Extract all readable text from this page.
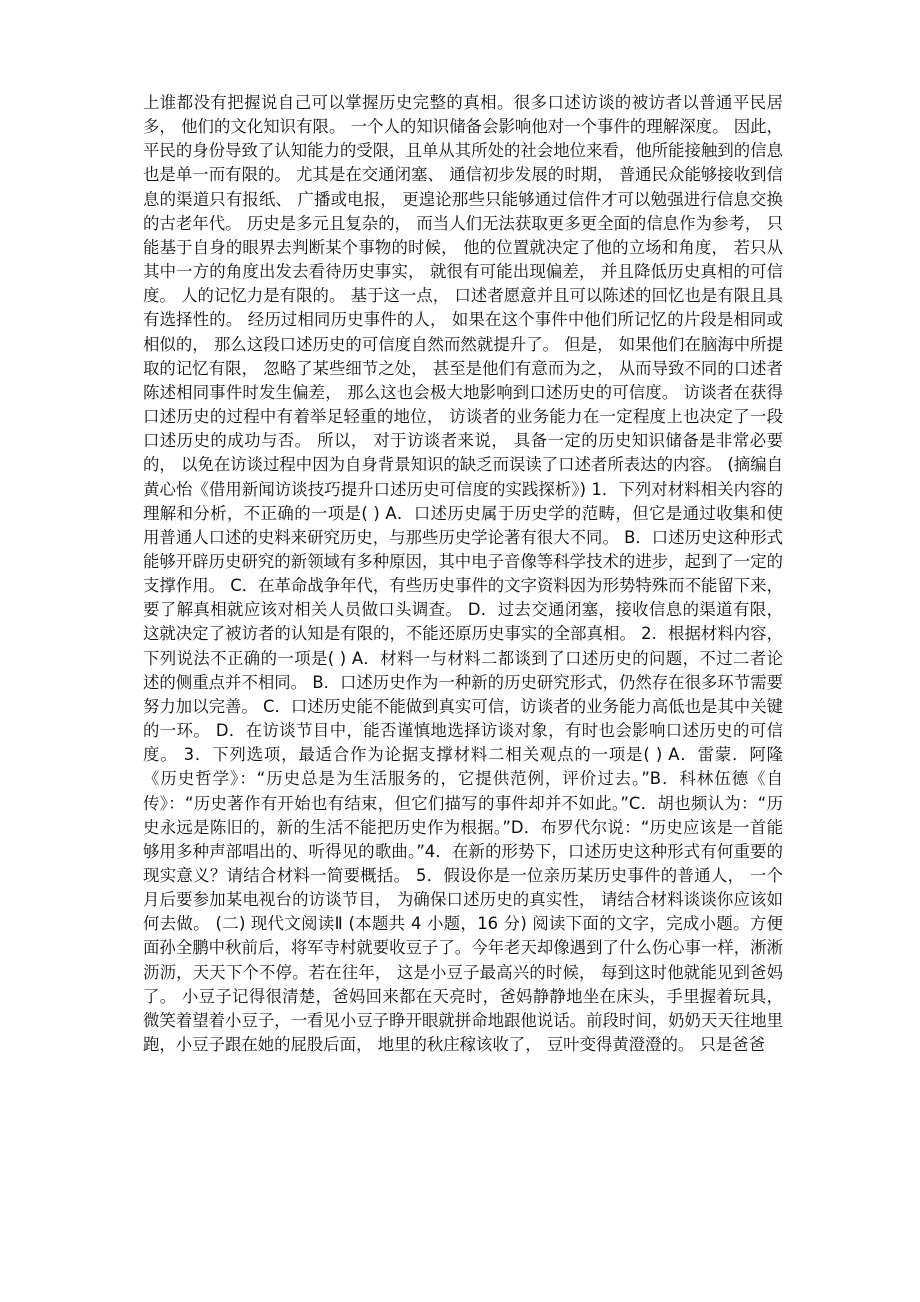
上谁都没有把握说自己可以掌握历史完整的真相。很多口述访谈的被访者以普通平民居多， 他们的文化知识有限。 一个人的知识储备会影响他对一个事件的理解深度。 因此， 平民的身份导致了认知能力的受限，且单从其所处的社会地位来看，他所能接触到的信息也是单一而有限的。 尤其是在交通闭塞、 通信初步发展的时期， 普通民众能够接收到信息的渠道只有报纸、 广播或电报， 更遑论那些只能够通过信件才可以勉强进行信息交换的古老年代。 历史是多元且复杂的， 而当人们无法获取更多更全面的信息作为参考， 只能基于自身的眼界去判断某个事物的时候， 他的位置就决定了他的立场和角度， 若只从其中一方的角度出发去看待历史事实， 就很有可能出现偏差， 并且降低历史真相的可信度。 人的记忆力是有限的。 基于这一点， 口述者愿意并且可以陈述的回忆也是有限且具有选择性的。 经历过相同历史事件的人， 如果在这个事件中他们所记忆的片段是相同或相似的， 那么这段口述历史的可信度自然而然就提升了。 但是， 如果他们在脑海中所提取的记忆有限， 忽略了某些细节之处， 甚至是他们有意而为之， 从而导致不同的口述者陈述相同事件时发生偏差， 那么这也会极大地影响到口述历史的可信度。 访谈者在获得口述历史的过程中有着举足轻重的地位， 访谈者的业务能力在一定程度上也决定了一段口述历史的成功与否。 所以， 对于访谈者来说， 具备一定的历史知识储备是非常必要的， 以免在访谈过程中因为自身背景知识的缺乏而误读了口述者所表达的内容。 (摘编自黄心怡《借用新闻访谈技巧提升口述历史可信度的实践探析》) 1．下列对材料相关内容的理解和分析，不正确的一项是( ) A．口述历史属于历史学的范畴，但它是通过收集和使用普通人口述的史料来研究历史，与那些历史学论著有很大不同。 B．口述历史这种形式能够开辟历史研究的新领域有多种原因，其中电子音像等科学技术的进步，起到了一定的支撑作用。 C．在革命战争年代，有些历史事件的文字资料因为形势特殊而不能留下来，要了解真相就应该对相关人员做口头调查。 D．过去交通闭塞，接收信息的渠道有限，这就决定了被访者的认知是有限的，不能还原历史事实的全部真相。 2．根据材料内容，下列说法不正确的一项是( ) A．材料一与材料二都谈到了口述历史的问题，不过二者论述的侧重点并不相同。 B．口述历史作为一种新的历史研究形式，仍然存在很多环节需要努力加以完善。 C．口述历史能不能做到真实可信，访谈者的业务能力高低也是其中关键的一环。 D．在访谈节目中，能否谨慎地选择访谈对象，有时也会影响口述历史的可信度。 3．下列选项，最适合作为论据支撑材料二相关观点的一项是( ) A．雷蒙．阿隆《历史哲学》：“历史总是为生活服务的，它提供范例，评价过去。”B．科林伍德《自传》：“历史著作有开始也有结束，但它们描写的事件却并不如此。”C．胡也频认为：“历史永远是陈旧的，新的生活不能把历史作为根据。”D．布罗代尔说：“历史应该是一首能够用多种声部唱出的、听得见的歌曲。”4．在新的形势下，口述历史这种形式有何重要的现实意义？请结合材料一简要概括。 5．假设你是一位亲历某历史事件的普通人， 一个月后要参加某电视台的访谈节目， 为确保口述历史的真实性， 请结合材料谈谈你应该如何去做。 (二) 现代文阅读Ⅱ (本题共 4 小题，16 分) 阅读下面的文字，完成小题。方便面孙全鹏中秋前后，将军寺村就要收豆子了。今年老天却像遇到了什么伤心事一样，淅淅沥沥，天天下个不停。若在往年， 这是小豆子最高兴的时候， 每到这时他就能见到爸妈了。 小豆子记得很清楚，爸妈回来都在天亮时，爸妈静静地坐在床头，手里握着玩具，微笑着望着小豆子，一看见小豆子睁开眼就拼命地跟他说话。前段时间，奶奶天天往地里跑，小豆子跟在她的屁股后面， 地里的秋庄稼该收了， 豆叶变得黄澄澄的。 只是爸爸
